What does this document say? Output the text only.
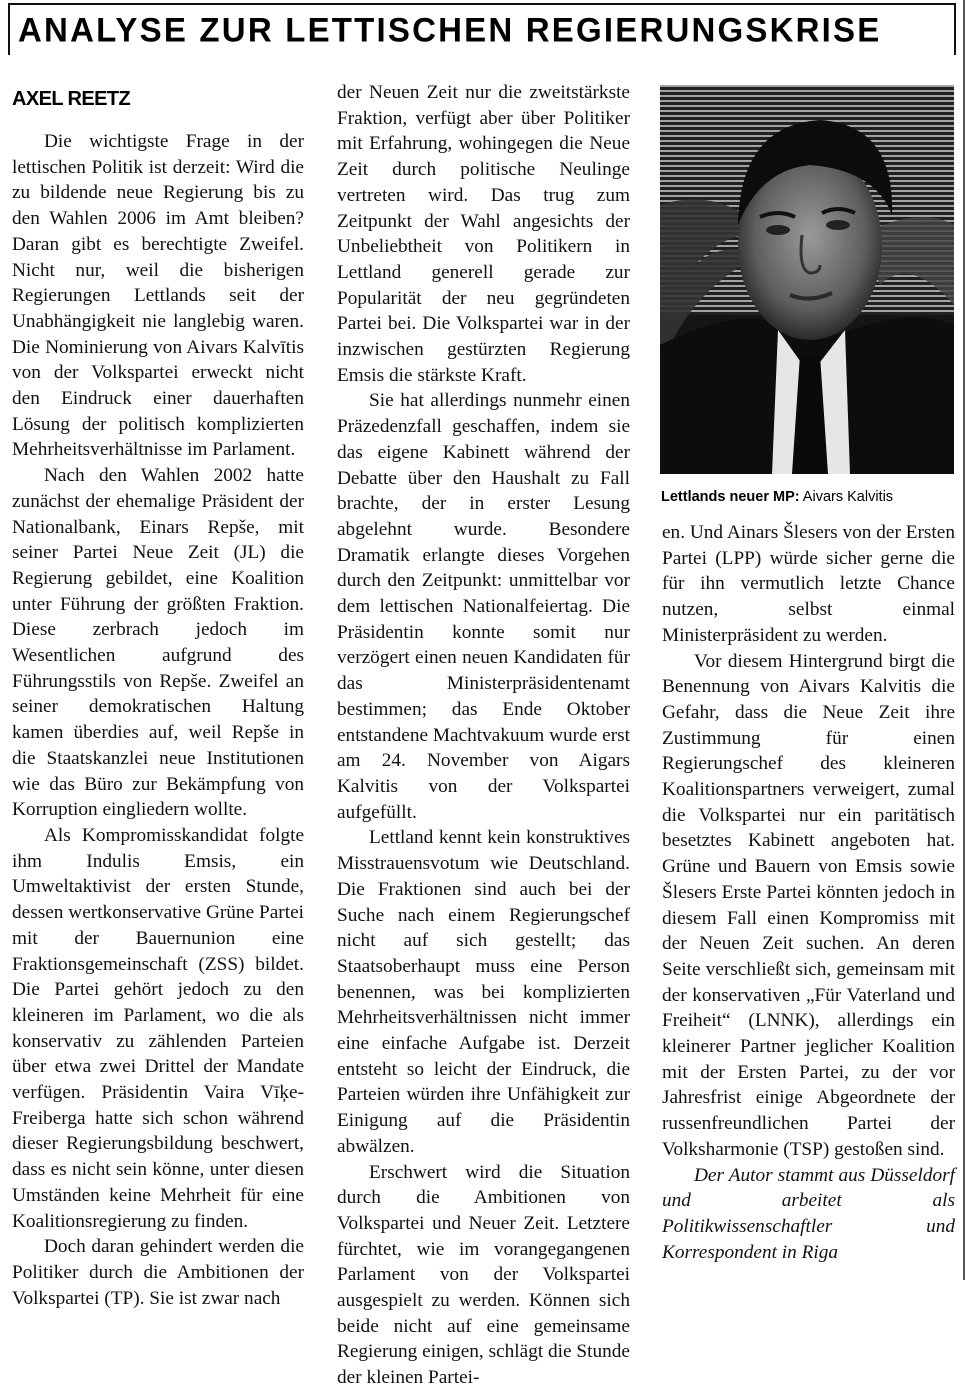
ANALYSE ZUR LETTISCHEN REGIERUNGSKRISE
AXEL REETZ

Die wichtigste Frage in der lettischen Politik ist derzeit: Wird die zu bildende neue Regierung bis zu den Wahlen 2006 im Amt bleiben? Daran gibt es berechtigte Zweifel. Nicht nur, weil die bisherigen Regierungen Lettlands seit der Unabhängigkeit nie langlebig waren. Die Nominierung von Aivars Kalvītis von der Volkspartei erweckt nicht den Eindruck einer dauerhaften Lösung der politisch komplizierten Mehrheitsverhältnisse im Parlament.

Nach den Wahlen 2002 hatte zunächst der ehemalige Präsident der Nationalbank, Einars Repše, mit seiner Partei Neue Zeit (JL) die Regierung gebildet, eine Koalition unter Führung der größten Fraktion. Diese zerbrach jedoch im Wesentlichen aufgrund des Führungsstils von Repše. Zweifel an seiner demokratischen Haltung kamen überdies auf, weil Repše in die Staatskanzlei neue Institutionen wie das Büro zur Bekämpfung von Korruption eingliedern wollte.

Als Kompromisskandidat folgte ihm Indulis Emsis, ein Umweltaktivist der ersten Stunde, dessen wertkonservative Grüne Partei mit der Bauernunion eine Fraktionsgemeinschaft (ZSS) bildet. Die Partei gehört jedoch zu den kleineren im Parlament, wo die als konservativ zu zählenden Parteien über etwa zwei Drittel der Mandate verfügen. Präsidentin Vaira Vīķe-Freiberga hatte sich schon während dieser Regierungsbildung beschwert, dass es nicht sein könne, unter diesen Umständen keine Mehrheit für eine Koalitionsregierung zu finden.

Doch daran gehindert werden die Politiker durch die Ambitionen der Volkspartei (TP). Sie ist zwar nach

der Neuen Zeit nur die zweitstärkste Fraktion, verfügt aber über Politiker mit Erfahrung, wohingegen die Neue Zeit durch politische Neulinge vertreten wird. Das trug zum Zeitpunkt der Wahl angesichts der Unbeliebtheit von Politikern in Lettland generell gerade zur Popularität der neu gegründeten Partei bei. Die Volkspartei war in der inzwischen gestürzten Regierung Emsis die stärkste Kraft.

Sie hat allerdings nunmehr einen Präzedenzfall geschaffen, indem sie das eigene Kabinett während der Debatte über den Haushalt zu Fall brachte, der in erster Lesung abgelehnt wurde. Besondere Dramatik erlangte dieses Vorgehen durch den Zeitpunkt: unmittelbar vor dem lettischen Nationalfeiertag. Die Präsidentin konnte somit nur verzögert einen neuen Kandidaten für das Ministerpräsidentenamt bestimmen; das Ende Oktober entstandene Machtvakuum wurde erst am 24. November von Aigars Kalvitis von der Volkspartei aufgefüllt.

Lettland kennt kein konstruktives Misstrauensvotum wie Deutschland. Die Fraktionen sind auch bei der Suche nach einem Regierungschef nicht auf sich gestellt; das Staatsoberhaupt muss eine Person benennen, was bei komplizierten Mehrheitsverhältnissen nicht immer eine einfache Aufgabe ist. Derzeit entsteht so leicht der Eindruck, die Parteien würden ihre Unfähigkeit zur Einigung auf die Präsidentin abwälzen.

Erschwert wird die Situation durch die Ambitionen von Volkspartei und Neuer Zeit. Letztere fürchtet, wie im vorangegangenen Parlament von der Volkspartei ausgespielt zu werden. Können sich beide nicht auf eine gemeinsame Regierung einigen, schlägt die Stunde der kleinen Partei-

Lettlands neuer MP: Aivars Kalvitis

en. Und Ainars Šlesers von der Ersten Partei (LPP) würde sicher gerne die für ihn vermutlich letzte Chance nutzen, selbst einmal Ministerpräsident zu werden.

Vor diesem Hintergrund birgt die Benennung von Aivars Kalvitis die Gefahr, dass die Neue Zeit ihre Zustimmung für einen Regierungschef des kleineren Koalitionspartners verweigert, zumal die Volkspartei nur ein paritätisch besetztes Kabinett angeboten hat. Grüne und Bauern von Emsis sowie Šlesers Erste Partei könnten jedoch in diesem Fall einen Kompromiss mit der Neuen Zeit suchen. An deren Seite verschließt sich, gemeinsam mit der konservativen „Für Vaterland und Freiheit“ (LNNK), allerdings ein kleinerer Partner jeglicher Koalition mit der Ersten Partei, zu der vor Jahresfrist einige Abgeordnete der russenfreundlichen Partei der Volksharmonie (TSP) gestoßen sind.

Der Autor stammt aus Düsseldorf und arbeitet als Politikwissenschaftler und Korrespondent in Riga
